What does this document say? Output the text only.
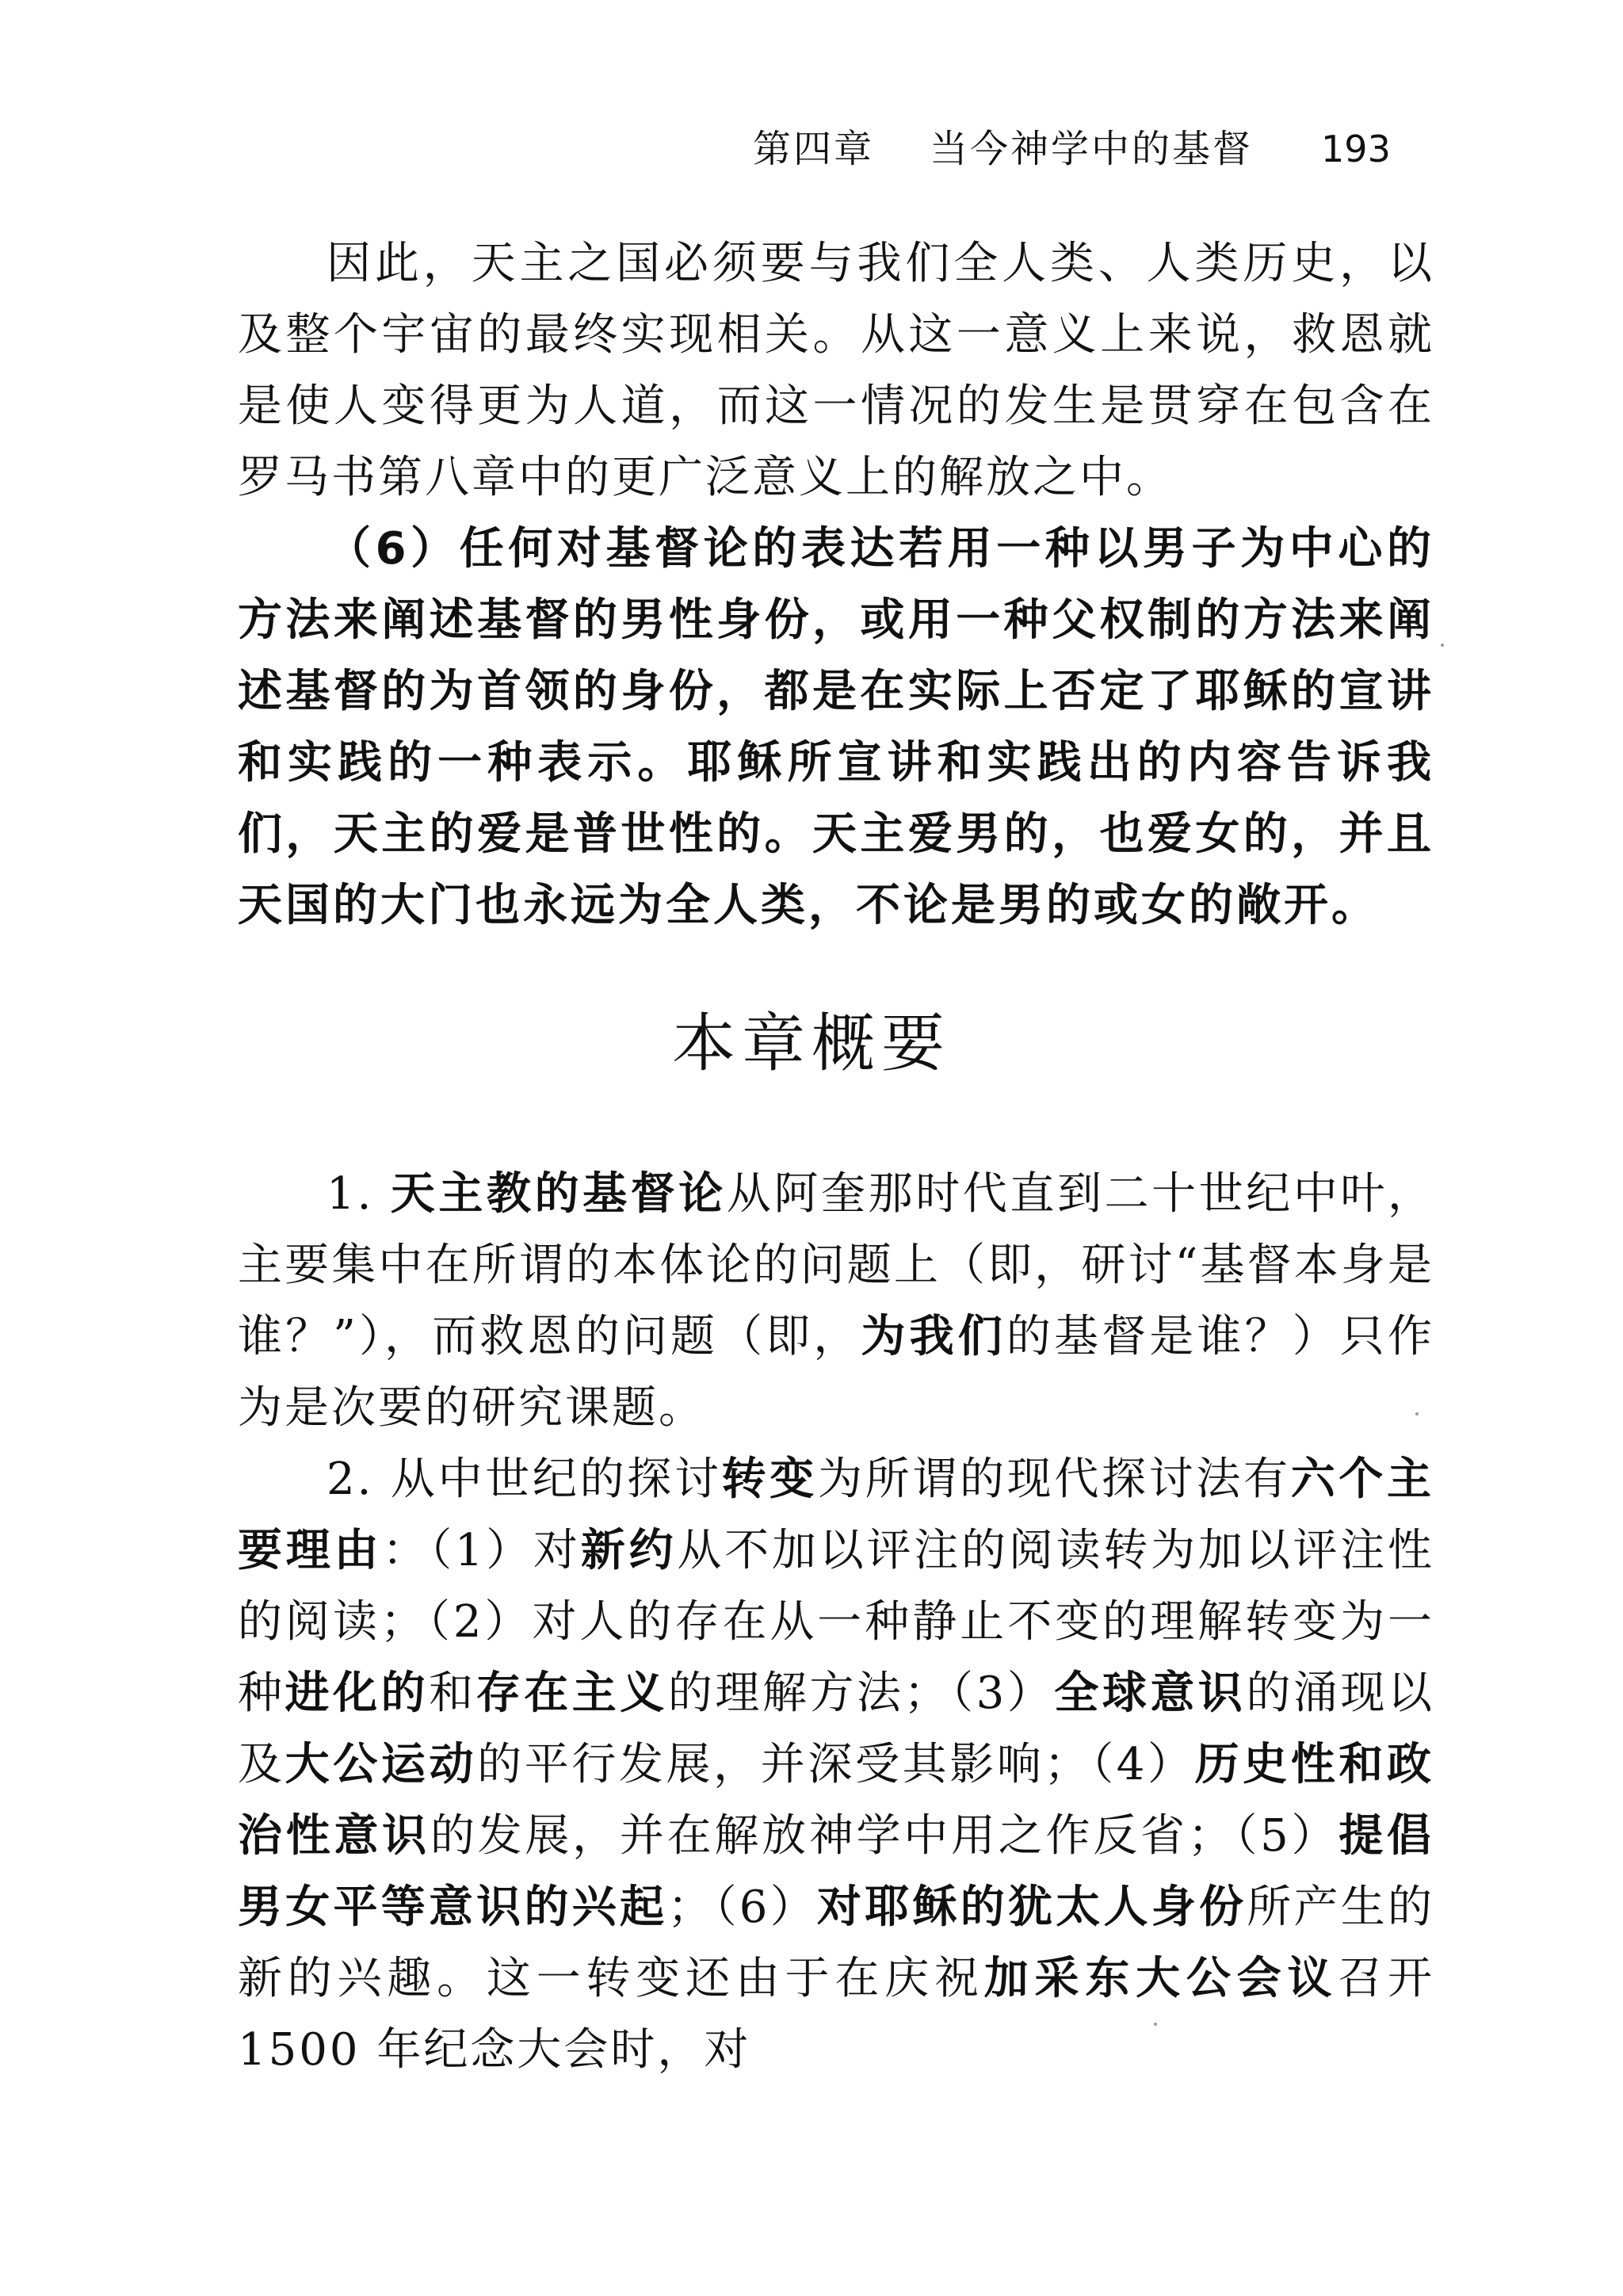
第四章 当今神学中的基督 193

因此，天主之国必须要与我们全人类、人类历史，以及整个宇宙的最终实现相关。从这一意义上来说，救恩就是使人变得更为人道，而这一情况的发生是贯穿在包含在罗马书第八章中的更广泛意义上的解放之中。

（6）任何对基督论的表达若用一种以男子为中心的方法来阐述基督的男性身份，或用一种父权制的方法来阐述基督的为首领的身份，都是在实际上否定了耶稣的宣讲和实践的一种表示。耶稣所宣讲和实践出的内容告诉我们，天主的爱是普世性的。天主爱男的，也爱女的，并且天国的大门也永远为全人类，不论是男的或女的敞开。

本章概要

1. 天主教的基督论从阿奎那时代直到二十世纪中叶，主要集中在所谓的本体论的问题上（即，研讨“基督本身是谁？”），而救恩的问题（即，为我们的基督是谁？）只作为是次要的研究课题。

2. 从中世纪的探讨转变为所谓的现代探讨法有六个主要理由：（1）对新约从不加以评注的阅读转为加以评注性的阅读；（2）对人的存在从一种静止不变的理解转变为一种进化的和存在主义的理解方法；（3）全球意识的涌现以及大公运动的平行发展，并深受其影响；（4）历史性和政治性意识的发展，并在解放神学中用之作反省；（5）提倡男女平等意识的兴起；（6）对耶稣的犹太人身份所产生的新的兴趣。这一转变还由于在庆祝加采东大公会议召开 1500 年纪念大会时，对
